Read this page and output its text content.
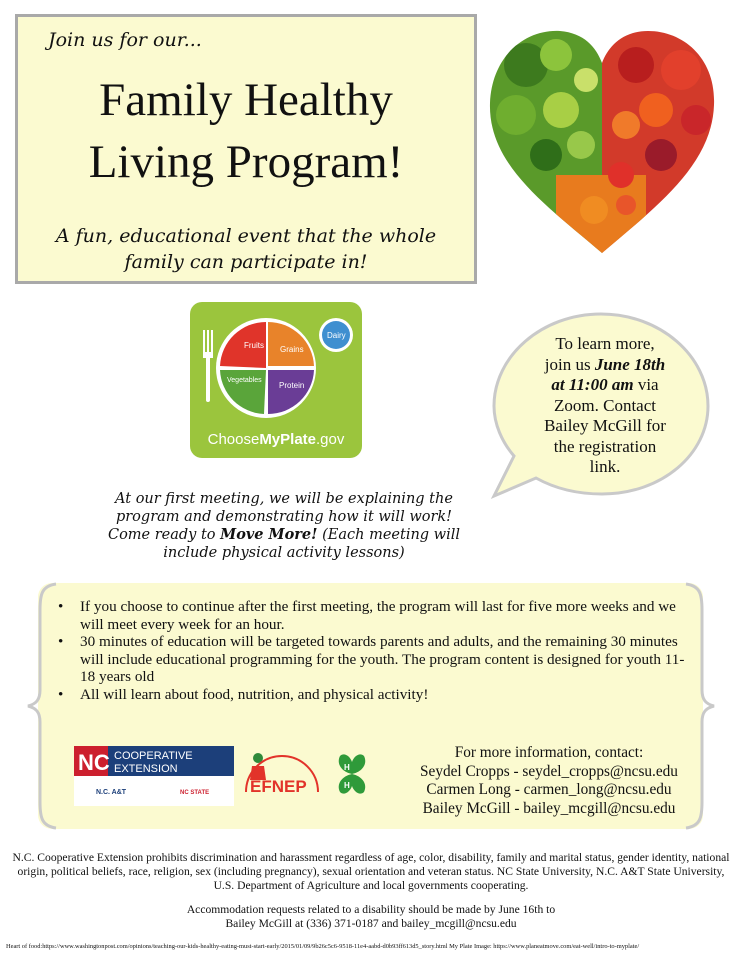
Join us for our...
Family Healthy
Living Program!
A fun, educational event that the whole
family can participate in!
Fruits Grains
Vegetables
Protein
Dairy
ChooseMyPlate.gov
To learn more,
join us June 18th
at 11:00 am via
Zoom. Contact
Bailey McGill for
the registration
link.
At our first meeting, we will be explaining the
program and demonstrating how it will work!
Come ready to Move More! (Each meeting will
include physical activity lessons)
• If you choose to continue after the first meeting, the program will last for five more weeks and we will meet every week for an hour.
• 30 minutes of education will be targeted towards parents and adults, and the remaining 30 minutes will include educational programming for the youth. The program content is designed for youth 11-18 years old
• All will learn about food, nutrition, and physical activity!
NC COOPERATIVE
EXTENSION
N.C. A&T	NC STATE EFNEP
H
H
For more information, contact:
Seydel Cropps - seydel_cropps@ncsu.edu
Carmen Long - carmen_long@ncsu.edu
Bailey McGill - bailey_mcgill@ncsu.edu
N.C. Cooperative Extension prohibits discrimination and harassment regardless of age, color, disability, family and marital status, gender identity, national origin, political beliefs, race, religion, sex (including pregnancy), sexual orientation and veteran status. NC State University, N.C. A&T State University, U.S. Department of Agriculture and local governments cooperating.
Accommodation requests related to a disability should be made by June 16th to
Bailey McGill at (336) 371-0187 and bailey_mcgill@ncsu.edu
Heart of food:https://www.washingtonpost.com/opinions/teaching-our-kids-healthy-eating-must-start-early/2015/01/09/9b26c5c6-9518-11e4-aabd-d0b93ff613d5_story.html My Plate Image: https://www.planeatmove.com/eat-well/intro-to-myplate/
